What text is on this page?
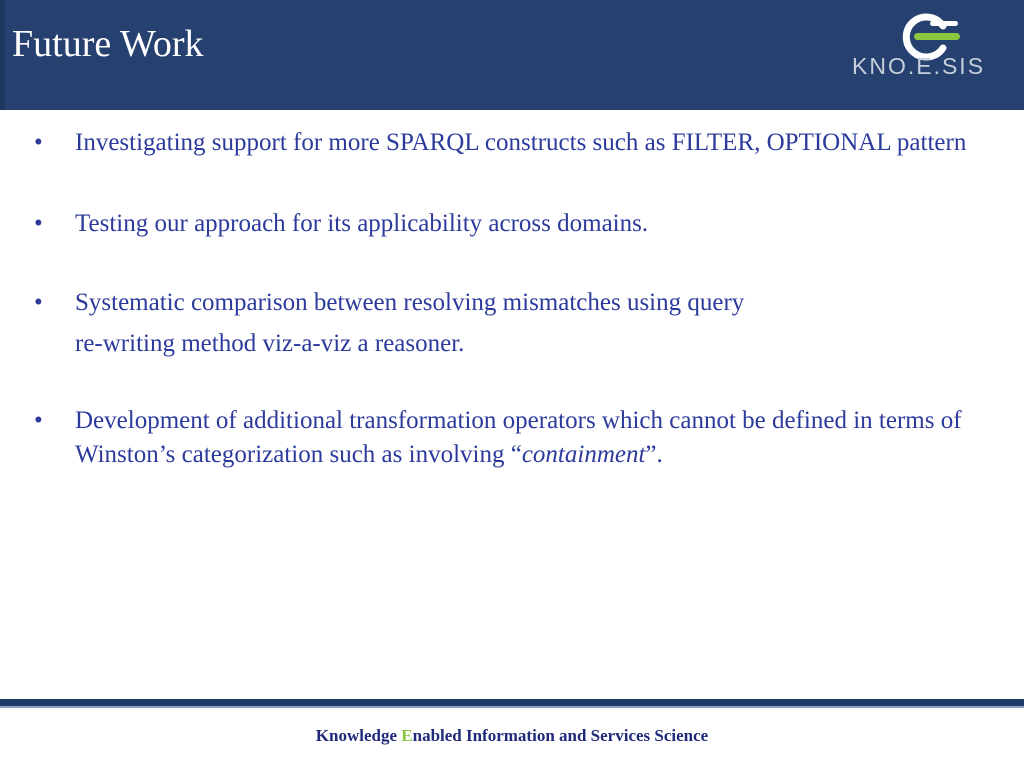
Future Work
KNO.E.SIS
• Investigating support for more SPARQL constructs such as FILTER, OPTIONAL pattern
• Testing our approach for its applicability across domains.
• Systematic comparison between resolving mismatches using query
re-writing method viz-a-viz a reasoner.
• Development of additional transformation operators which cannot be defined in terms of Winston’s categorization such as involving “containment”.
Knowledge Enabled Information and Services Science
